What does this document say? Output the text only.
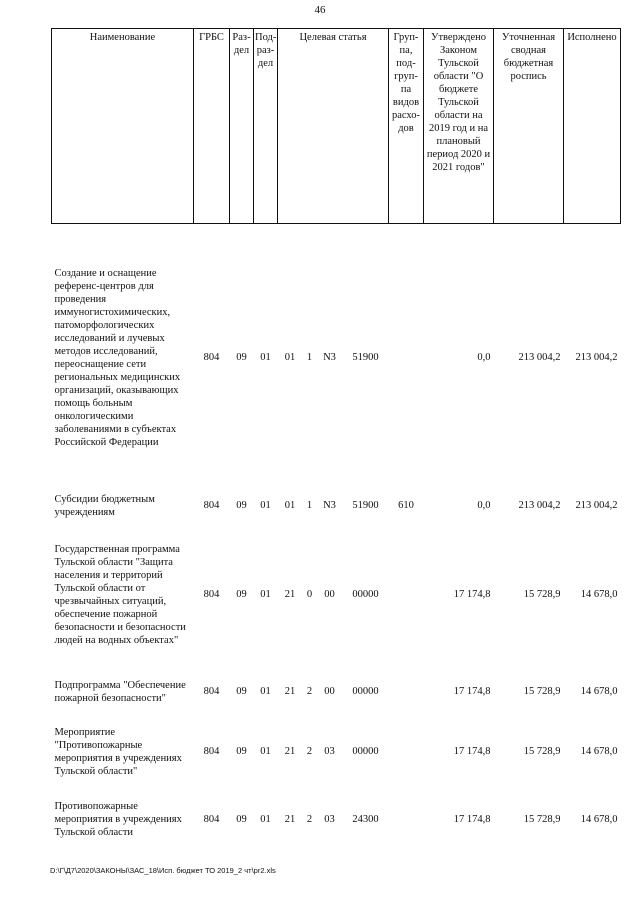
46
Наименование	ГРБС	Раз-дел	Под-раз-дел	Целевая статья				Груп-па, под-груп-па видов расхо-дов	Утверждено Законом Тульской области "О бюджете Тульской области на 2019 год и на плановый период 2020 и 2021 годов"	Уточненная сводная бюджетная роспись	Исполнено
Создание и оснащение референс-центров для проведения иммуногистохимических, патоморфологических исследований и лучевых методов исследований, переоснащение сети региональных медицинских организаций, оказывающих помощь больным онкологическими заболеваниями в субъектах Российской Федерации	804	09	01	01	1	N3	51900		0,0	213 004,2	213 004,2
Субсидии бюджетным учреждениям	804	09	01	01	1	N3	51900	610	0,0	213 004,2	213 004,2
Государственная программа Тульской области "Защита населения и территорий Тульской области от чрезвычайных ситуаций, обеспечение пожарной безопасности и безопасности людей на водных объектах"	804	09	01	21	0	00	00000		17 174,8	15 728,9	14 678,0
Подпрограмма "Обеспечение пожарной безопасности"	804	09	01	21	2	00	00000		17 174,8	15 728,9	14 678,0
Мероприятие "Противопожарные мероприятия в учреждениях Тульской области"	804	09	01	21	2	03	00000		17 174,8	15 728,9	14 678,0
Противопожарные мероприятия в учреждениях Тульской области	804	09	01	21	2	03	24300		17 174,8	15 728,9	14 678,0
D:\Г\Д7\2020\ЗАКОНЫ\ЗАС_18\Исп. бюджет ТО 2019_2 чт\pr2.xls
